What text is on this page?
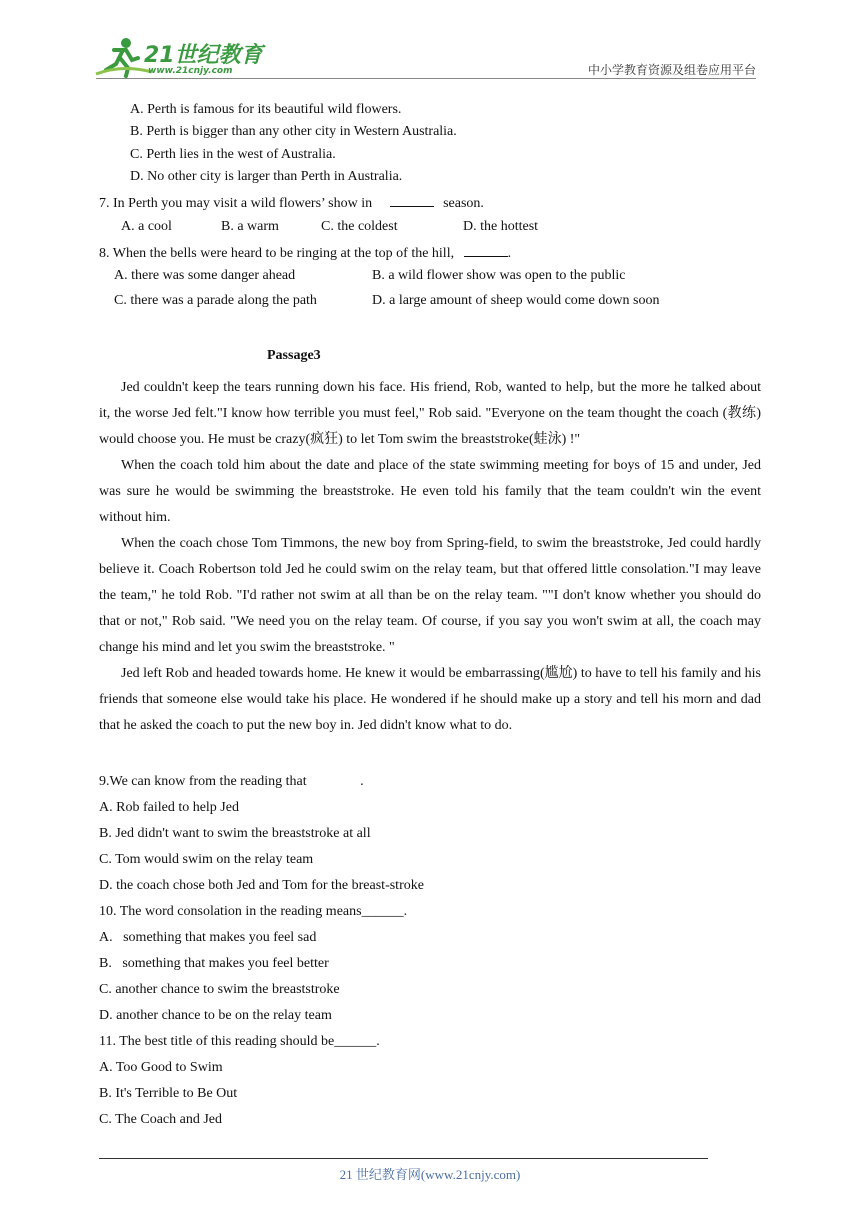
21世纪教育
www.21cnjy.com	中小学教育资源及组卷应用平台
A. Perth is famous for its beautiful wild flowers.
B. Perth is bigger than any other city in Western Australia.
C. Perth lies in the west of Australia.
D. No other city is larger than Perth in Australia.
7. In Perth you may visit a wild flowers’ show in	season.
A. a cool	B. a warm	C. the coldest	D. the hottest
8. When the bells were heard to be ringing at the top of the hill,	.
A. there was some danger ahead	B. a wild flower show was open to the public
C. there was a parade along the path	D. a large amount of sheep would come down soon
Passage3

Jed couldn't keep the tears running down his face. His friend, Rob, wanted to help, but the more he talked about it, the worse Jed felt."I know how terrible you must feel," Rob said. "Everyone on the team thought the coach (教练) would choose you. He must be crazy(疯狂) to let Tom swim the breaststroke(蛙泳) !"

When the coach told him about the date and place of the state swimming meeting for boys of 15 and under, Jed was sure he would be swimming the breaststroke. He even told his family that the team couldn't win the event without him.

When the coach chose Tom Timmons, the new boy from Spring-field, to swim the breaststroke, Jed could hardly believe it. Coach Robertson told Jed he could swim on the relay team, but that offered little consolation."I may leave the team," he told Rob. "I'd rather not swim at all than be on the relay team. ""I don't know whether you should do that or not," Rob said. "We need you on the relay team. Of course, if you say you won't swim at all, the coach may change his mind and let you swim the breaststroke. "

Jed left Rob and headed towards home. He knew it would be embarrassing(尴尬) to have to tell his family and his friends that someone else would take his place. He wondered if he should make up a story and tell his morn and dad that he asked the coach to put the new boy in. Jed didn't know what to do.

9.We can know from the reading that	.
A. Rob failed to help Jed
B. Jed didn't want to swim the breaststroke at all
C. Tom would swim on the relay team
D. the coach chose both Jed and Tom for the breast-stroke
10. The word consolation in the reading means______.
A.   something that makes you feel sad
B.   something that makes you feel better
C. another chance to swim the breaststroke
D. another chance to be on the relay team
11. The best title of this reading should be______.
A. Too Good to Swim
B. It's Terrible to Be Out
C. The Coach and Jed
21 世纪教育网(www.21cnjy.com)
